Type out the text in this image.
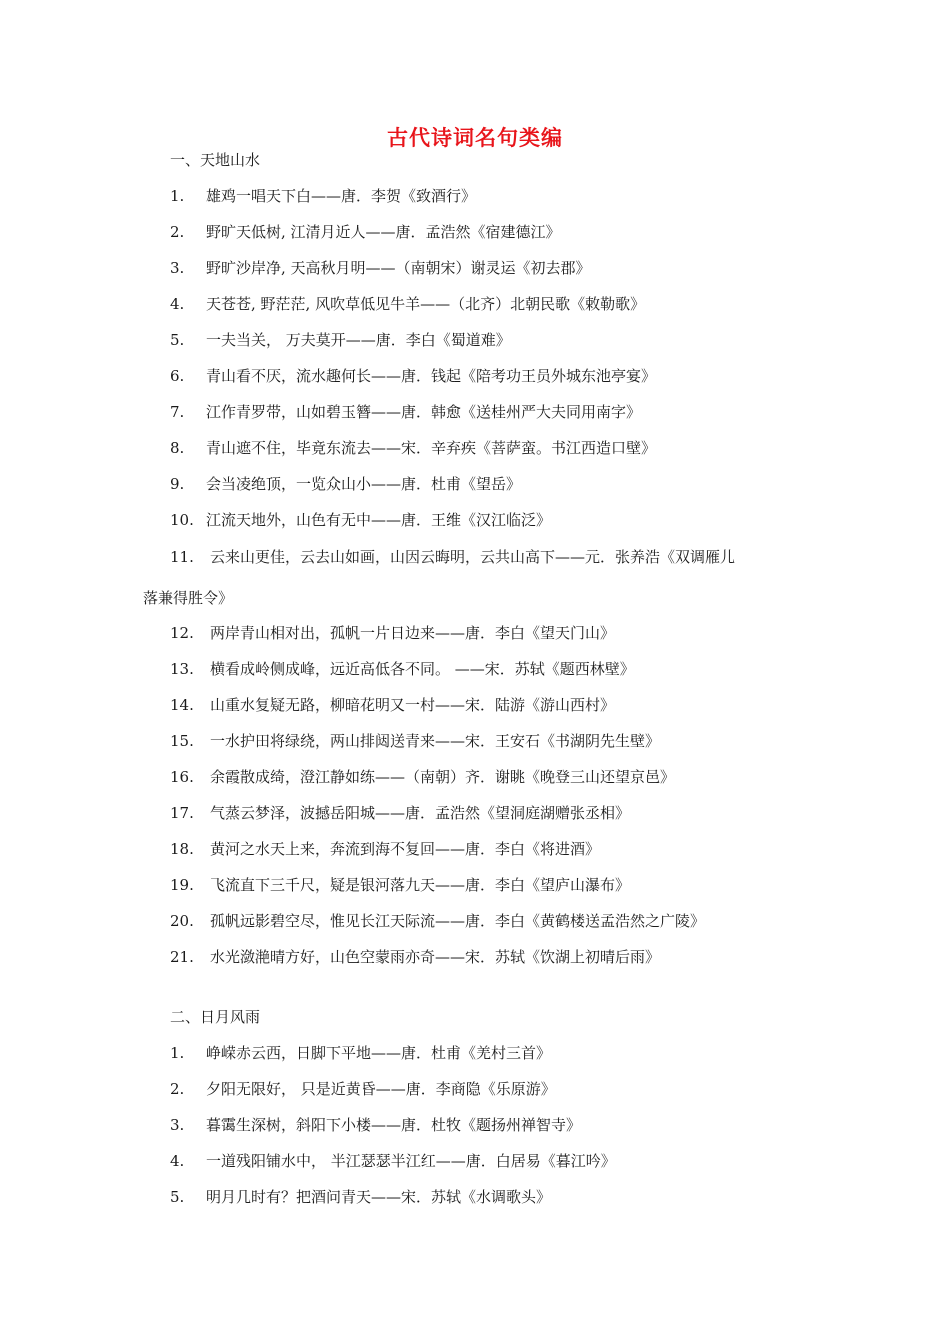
古代诗词名句类编
一、天地山水
1. 雄鸡一唱天下白——唐．李贺《致酒行》
2. 野旷天低树, 江清月近人——唐．孟浩然《宿建德江》
3. 野旷沙岸净, 天高秋月明——（南朝宋）谢灵运《初去郡》
4. 天苍苍, 野茫茫, 风吹草低见牛羊——（北齐）北朝民歌《敕勒歌》
5. 一夫当关， 万夫莫开——唐．李白《蜀道难》
6. 青山看不厌，流水趣何长——唐．钱起《陪考功王员外城东池亭宴》
7. 江作青罗带，山如碧玉簪——唐．韩愈《送桂州严大夫同用南字》
8. 青山遮不住，毕竟东流去——宋．辛弃疾《菩萨蛮。书江西造口壁》
9. 会当凌绝顶，一览众山小——唐．杜甫《望岳》
10. 江流天地外，山色有无中——唐．王维《汉江临泛》
11. 云来山更佳，云去山如画，山因云晦明，云共山高下——元．张养浩《双调雁儿
落兼得胜令》
12. 两岸青山相对出，孤帆一片日边来——唐．李白《望天门山》
13. 横看成岭侧成峰，远近高低各不同。 ——宋．苏轼《题西林壁》
14. 山重水复疑无路，柳暗花明又一村——宋．陆游《游山西村》
15. 一水护田将绿绕，两山排闼送青来——宋．王安石《书湖阴先生壁》
16. 余霞散成绮，澄江静如练——（南朝）齐．谢眺《晚登三山还望京邑》
17. 气蒸云梦泽，波撼岳阳城——唐．孟浩然《望洞庭湖赠张丞相》
18. 黄河之水天上来，奔流到海不复回——唐．李白《将进酒》
19. 飞流直下三千尺，疑是银河落九天——唐．李白《望庐山瀑布》
20. 孤帆远影碧空尽，惟见长江天际流——唐．李白《黄鹤楼送孟浩然之广陵》
21. 水光潋滟晴方好，山色空蒙雨亦奇——宋．苏轼《饮湖上初晴后雨》
二、日月风雨
1. 峥嵘赤云西，日脚下平地——唐．杜甫《羌村三首》
2. 夕阳无限好， 只是近黄昏——唐．李商隐《乐原游》
3. 暮霭生深树，斜阳下小楼——唐．杜牧《题扬州禅智寺》
4. 一道残阳铺水中， 半江瑟瑟半江红——唐．白居易《暮江吟》
5. 明月几时有？把酒问青天——宋．苏轼《水调歌头》
